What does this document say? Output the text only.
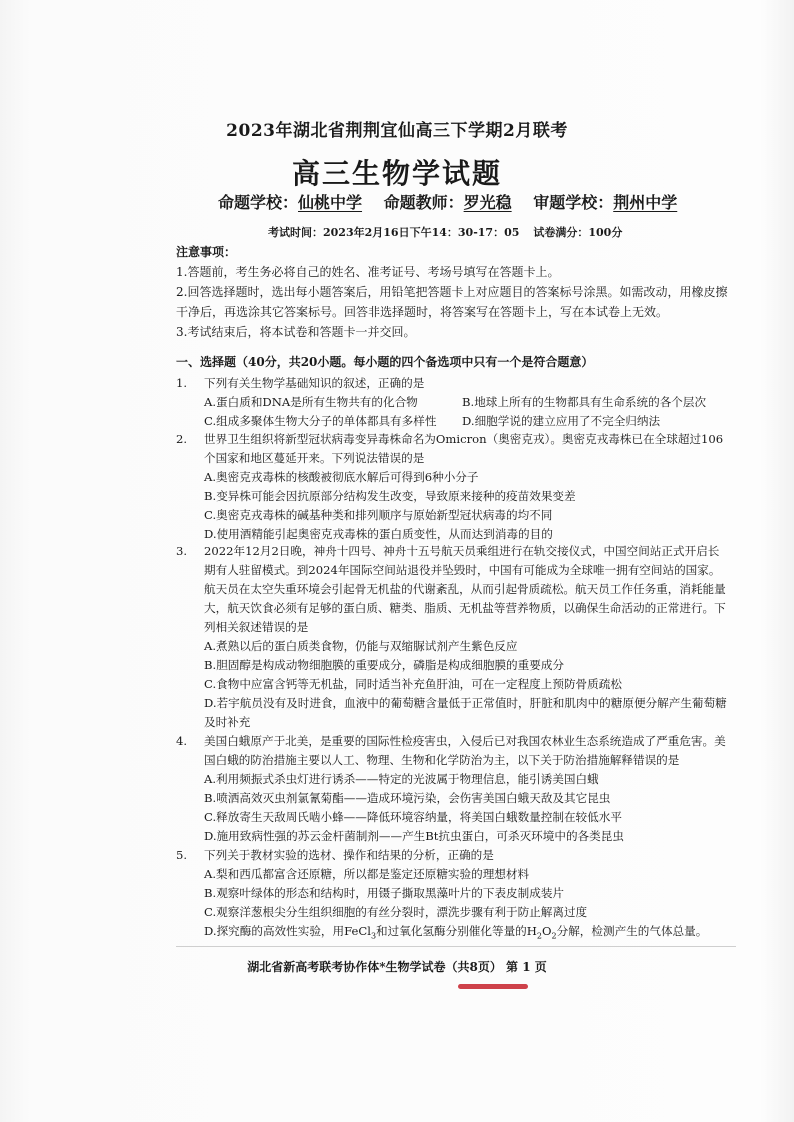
2023年湖北省荆荆宜仙高三下学期2月联考
高三生物学试题
命题学校：仙桃中学 命题教师：罗光稳 审题学校：荆州中学
考试时间：2023年2月16日下午14：30-17：05 试卷满分：100分
注意事项：
1.答题前，考生务必将自己的姓名、准考证号、考场号填写在答题卡上。
2.回答选择题时，选出每小题答案后，用铅笔把答题卡上对应题目的答案标号涂黑。如需改动，用橡皮擦干净后，再选涂其它答案标号。回答非选择题时，将答案写在答题卡上，写在本试卷上无效。
3.考试结束后，将本试卷和答题卡一并交回。
一、选择题（40分，共20小题。每小题的四个备选项中只有一个是符合题意）
1. 下列有关生物学基础知识的叙述，正确的是
A.蛋白质和DNA是所有生物共有的化合物	B.地球上所有的生物都具有生命系统的各个层次
C.组成多聚体生物大分子的单体都具有多样性	D.细胞学说的建立应用了不完全归纳法
2. 世界卫生组织将新型冠状病毒变异毒株命名为Omicron（奥密克戎）。奥密克戎毒株已在全球超过106个国家和地区蔓延开来。下列说法错误的是
A.奥密克戎毒株的核酸被彻底水解后可得到6种小分子
B.变异株可能会因抗原部分结构发生改变，导致原来接种的疫苗效果变差
C.奥密克戎毒株的碱基种类和排列顺序与原始新型冠状病毒的均不同
D.使用酒精能引起奥密克戎毒株的蛋白质变性，从而达到消毒的目的
3. 2022年12月2日晚，神舟十四号、神舟十五号航天员乘组进行在轨交接仪式，中国空间站正式开启长期有人驻留模式。到2024年国际空间站退役并坠毁时，中国有可能成为全球唯一拥有空间站的国家。航天员在太空失重环境会引起骨无机盐的代谢紊乱，从而引起骨质疏松。航天员工作任务重，消耗能量大，航天饮食必须有足够的蛋白质、糖类、脂质、无机盐等营养物质，以确保生命活动的正常进行。下列相关叙述错误的是
A.煮熟以后的蛋白质类食物，仍能与双缩脲试剂产生紫色反应
B.胆固醇是构成动物细胞膜的重要成分，磷脂是构成细胞膜的重要成分
C.食物中应富含钙等无机盐，同时适当补充鱼肝油，可在一定程度上预防骨质疏松
D.若宇航员没有及时进食，血液中的葡萄糖含量低于正常值时，肝脏和肌肉中的糖原便分解产生葡萄糖及时补充
4. 美国白蛾原产于北美，是重要的国际性检疫害虫，入侵后已对我国农林业生态系统造成了严重危害。美国白蛾的防治措施主要以人工、物理、生物和化学防治为主，以下关于防治措施解释错误的是
A.利用频振式杀虫灯进行诱杀——特定的光波属于物理信息，能引诱美国白蛾
B.喷洒高效灭虫剂氯氰菊酯——造成环境污染，会伤害美国白蛾天敌及其它昆虫
C.释放寄生天敌周氏啮小蜂——降低环境容纳量，将美国白蛾数量控制在较低水平
D.施用致病性强的苏云金杆菌制剂——产生Bt抗虫蛋白，可杀灭环境中的各类昆虫
5. 下列关于教材实验的选材、操作和结果的分析，正确的是
A.梨和西瓜都富含还原糖，所以都是鉴定还原糖实验的理想材料
B.观察叶绿体的形态和结构时，用镊子撕取黑藻叶片的下表皮制成装片
C.观察洋葱根尖分生组织细胞的有丝分裂时，漂洗步骤有利于防止解离过度
D.探究酶的高效性实验，用FeCl$_3$和过氧化氢酶分别催化等量的$H_2O_2$分解，检测产生的气体总量。
湖北省新高考联考协作体*生物学试卷（共8页） 第 1 页
